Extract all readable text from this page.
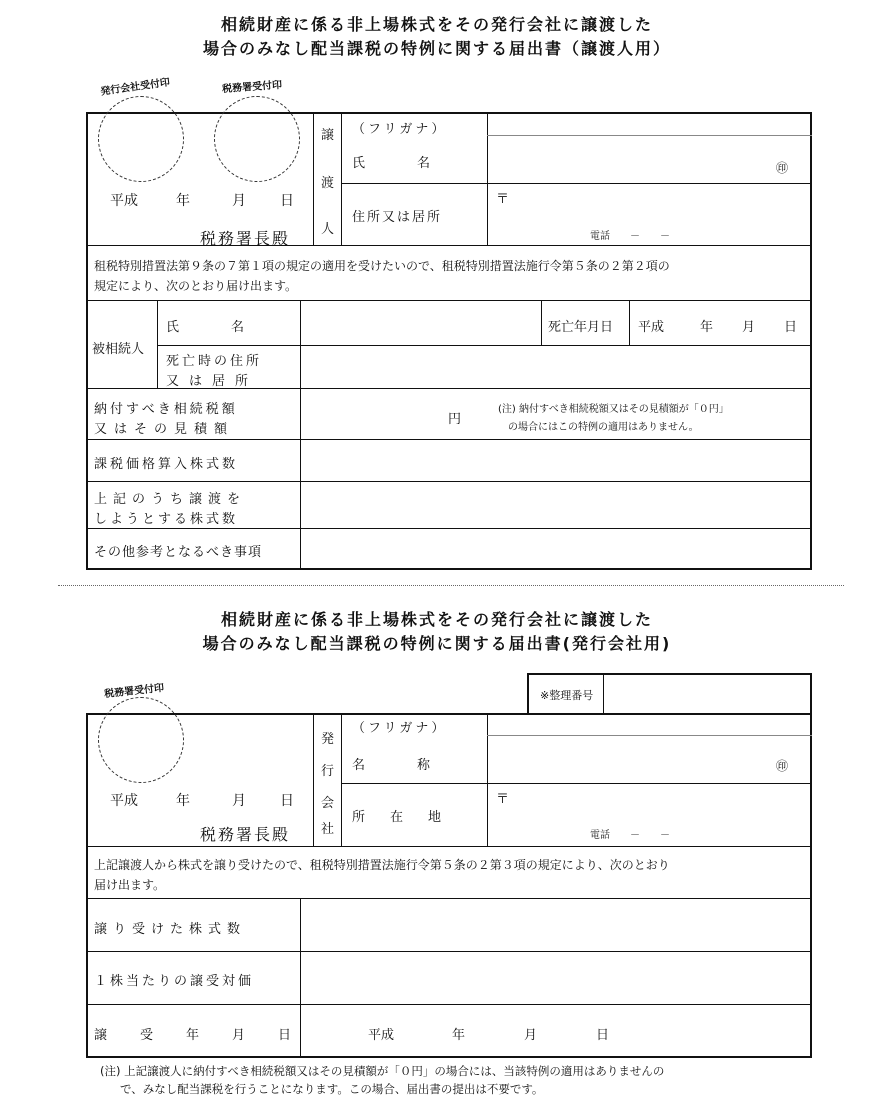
相続財産に係る非上場株式をその発行会社に譲渡した
場合のみなし配当課税の特例に関する届出書（譲渡人用）
発行会社受付印	税務署受付印
平成	年	月 日
税務署長殿
譲
渡
人
（フリガナ）
氏　　　　名	㊞
住所又は居所
〒
電話　　－　　－
租税特別措置法第９条の７第１項の規定の適用を受けたいので、租税特別措置法施行令第５条の２第２項の
規定により、次のとおり届け出ます。
被相続人
氏　　　　名	死亡年月日 平成	年 月 日
死亡時の住所
又は居所
納付すべき相続税額
又はその見積額
円
(注) 納付すべき相続税額又はその見積額が「０円」
の場合にはこの特例の適用はありません。
課税価格算入株式数
上記のうち譲渡を
しようとする株式数
その他参考となるべき事項
相続財産に係る非上場株式をその発行会社に譲渡した
場合のみなし配当課税の特例に関する届出書(発行会社用)
税務署受付印	※整理番号
平成	年	月 日
税務署長殿
発
行
会
社
（フリガナ）
名　　　　称	㊞
所　在　地
〒
電話　　－　　－
上記譲渡人から株式を譲り受けたので、租税特別措置法施行令第５条の２第３項の規定により、次のとおり
届け出ます。
譲り受けた株式数
１株当たりの譲受対価
譲受年月日	平成	年	月	日
(注) 上記譲渡人に納付すべき相続税額又はその見積額が「０円」の場合には、当該特例の適用はありませんの
で、みなし配当課税を行うことになります。この場合、届出書の提出は不要です。
